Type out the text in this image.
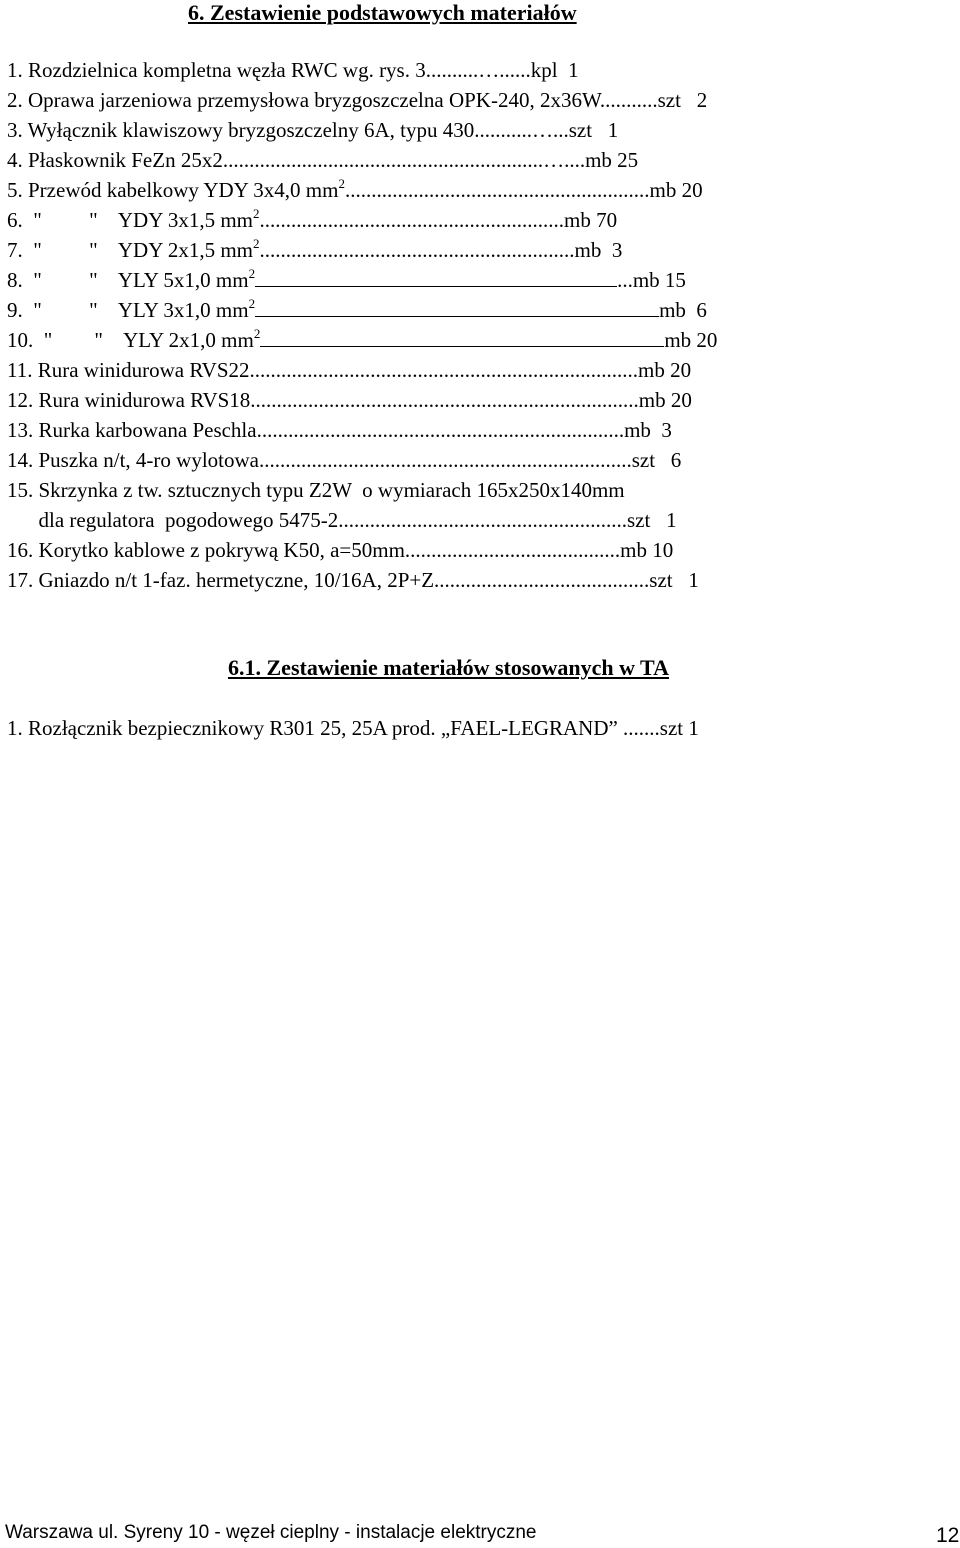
6. Zestawienie podstawowych materiałów
1. Rozdzielnica kompletna węzła RWC wg. rys. 3..........…......kpl  1
2. Oprawa jarzeniowa przemysłowa bryzgoszczelna OPK-240, 2x36W...........szt   2
3. Wyłącznik klawiszowy bryzgoszczelny 6A, typu 430...........…...szt   1
4. Płaskownik FeZn 25x2.............................................................…....mb 25
5. Przewód kabelkowy YDY 3x4,0 $mm^2..........................................................mb$ 20
6.  "         "    YDY 3x1,5 $mm^2..........................................................mb$ 70
7.  "         "    YDY 2x1,5 $mm^2............................................................mb$  3
8.  "         "    YLY 5x1,0 $mm^2$	...mb 15
9.  "         "    YLY 3x1,0 $mm^2$	mb  6
10.  "        "    YLY 2x1,0 $mm^2$	mb 20
11. Rura winidurowa RVS22..........................................................................mb 20
12. Rura winidurowa RVS18..........................................................................mb 20
13. Rurka karbowana Peschla......................................................................mb  3
14. Puszka n/t, 4-ro wylotowa.......................................................................szt   6
15. Skrzynka z tw. sztucznych typu Z2W  o wymiarach 165x250x140mm
dla regulatora  pogodowego 5475-2.......................................................szt   1
16. Korytko kablowe z pokrywą K50, a=50mm.........................................mb 10
17. Gniazdo n/t 1-faz. hermetyczne, 10/16A, 2P+Z.........................................szt   1
6.1. Zestawienie materiałów stosowanych w TA
1. Rozłącznik bezpiecznikowy R301 25, 25A prod. „FAEL-LEGRAND” .......szt 1
Warszawa ul. Syreny 10 - węzeł cieplny - instalacje elektryczne	12
